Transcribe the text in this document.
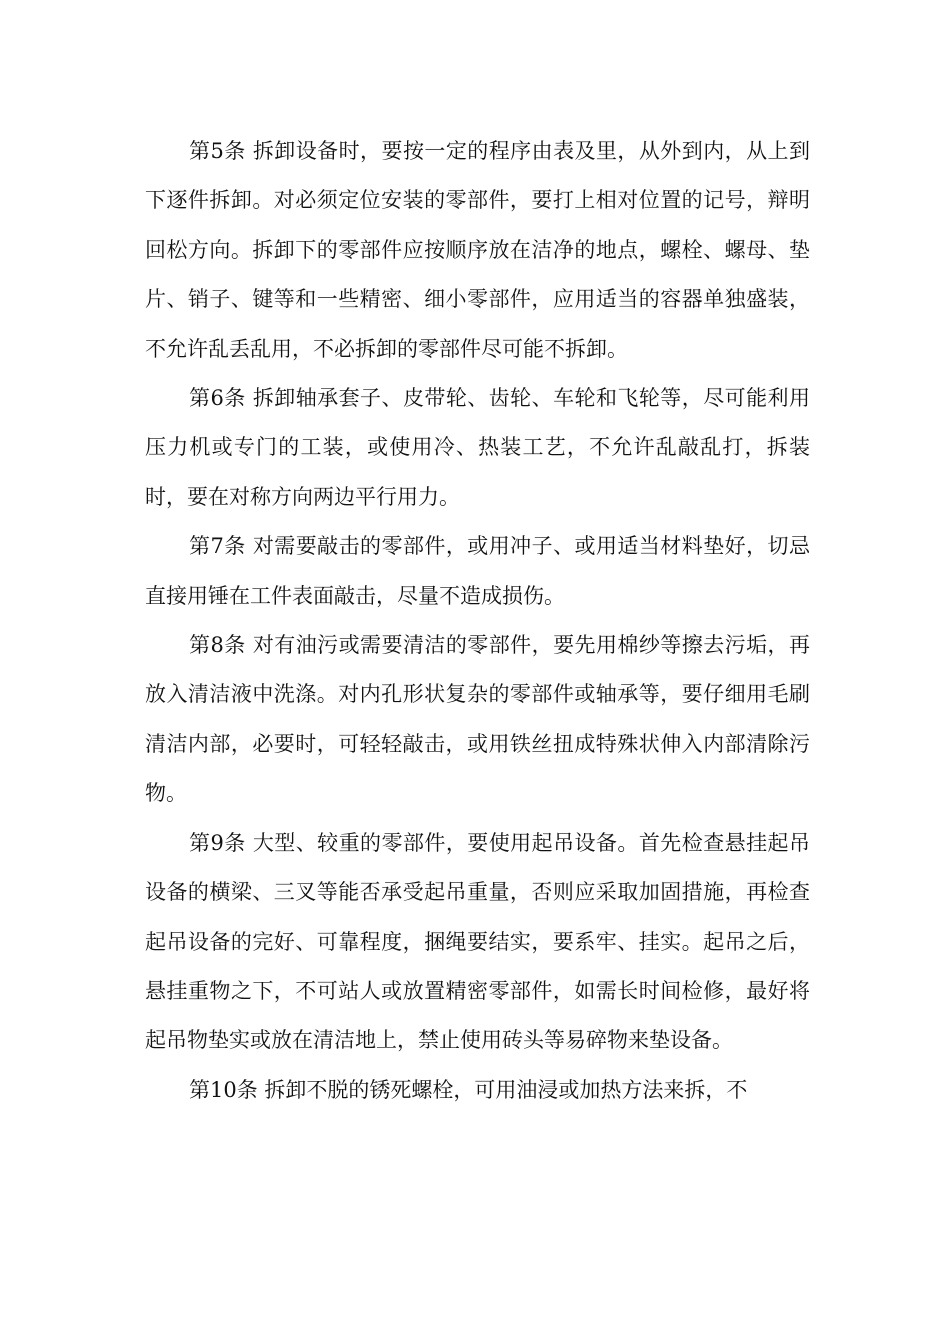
第5条 拆卸设备时，要按一定的程序由表及里，从外到内，从上到下逐件拆卸。对必须定位安装的零部件，要打上相对位置的记号，辩明回松方向。拆卸下的零部件应按顺序放在洁净的地点，螺栓、螺母、垫片、销子、键等和一些精密、细小零部件，应用适当的容器单独盛装，不允许乱丢乱用，不必拆卸的零部件尽可能不拆卸。

第6条 拆卸轴承套子、皮带轮、齿轮、车轮和飞轮等，尽可能利用压力机或专门的工装，或使用冷、热装工艺，不允许乱敲乱打，拆装时，要在对称方向两边平行用力。

第7条 对需要敲击的零部件，或用冲子、或用适当材料垫好，切忌直接用锤在工件表面敲击，尽量不造成损伤。

第8条 对有油污或需要清洁的零部件，要先用棉纱等擦去污垢，再放入清洁液中洗涤。对内孔形状复杂的零部件或轴承等，要仔细用毛刷清洁内部，必要时，可轻轻敲击，或用铁丝扭成特殊状伸入内部清除污物。

第9条 大型、较重的零部件，要使用起吊设备。首先检查悬挂起吊设备的横梁、三叉等能否承受起吊重量，否则应采取加固措施，再检查起吊设备的完好、可靠程度，捆绳要结实，要系牢、挂实。起吊之后，悬挂重物之下，不可站人或放置精密零部件，如需长时间检修，最好将起吊物垫实或放在清洁地上，禁止使用砖头等易碎物来垫设备。

第10条 拆卸不脱的锈死螺栓，可用油浸或加热方法来拆，不
